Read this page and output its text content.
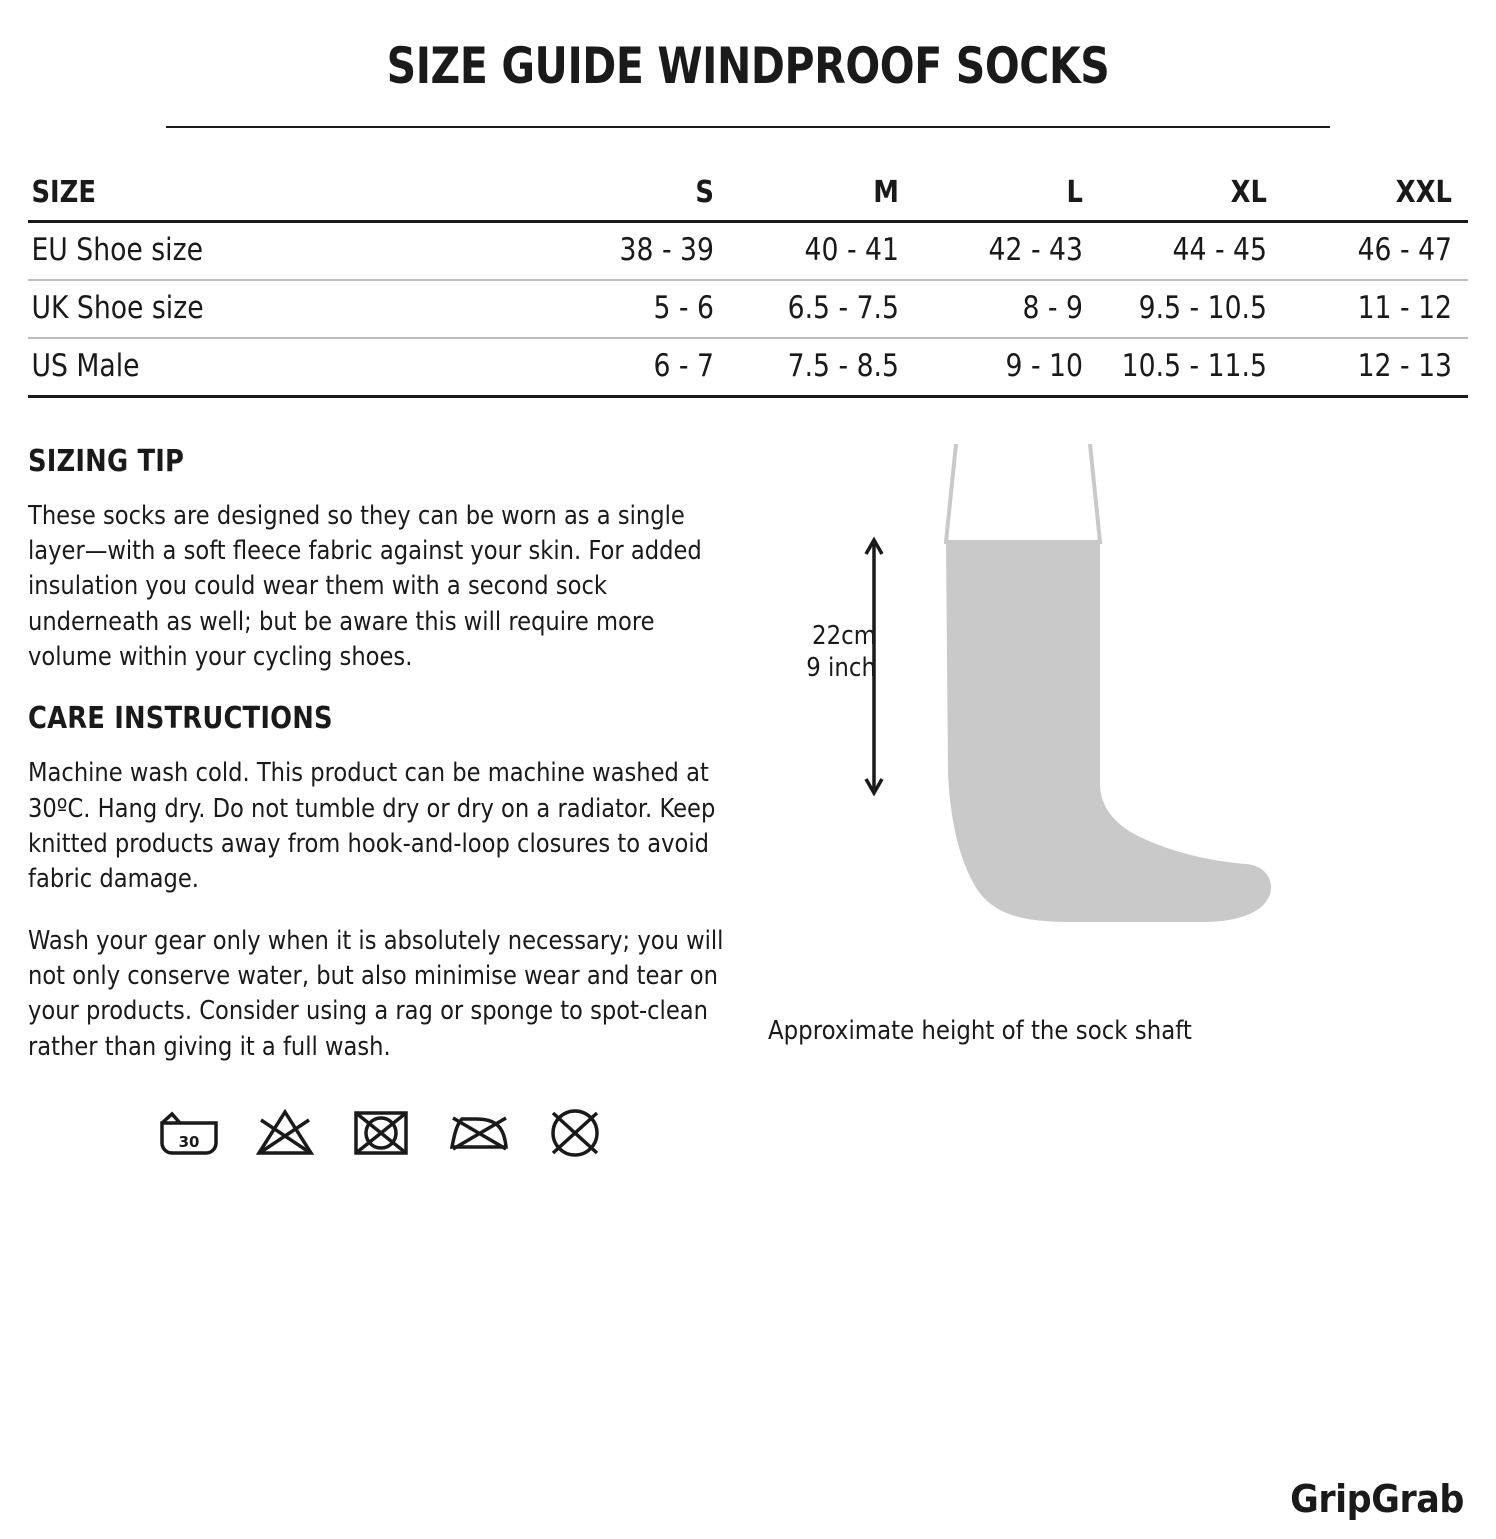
SIZE GUIDE WINDPROOF SOCKS
SIZE	S	M	L	XL	XXL
EU Shoe size	38 - 39	40 - 41	42 - 43	44 - 45	46 - 47
UK Shoe size	5 - 6	6.5 - 7.5	8 - 9	9.5 - 10.5	11 - 12
US Male	6 - 7	7.5 - 8.5	9 - 10	10.5 - 11.5	12 - 13
SIZING TIP

These socks are designed so they can be worn as a single layer—with a soft fleece fabric against your skin. For added insulation you could wear them with a second sock underneath as well; but be aware this will require more volume within your cycling shoes.

CARE INSTRUCTIONS

Machine wash cold. This product can be machine washed at 30ºC. Hang dry. Do not tumble dry or dry on a radiator. Keep knitted products away from hook-and-loop closures to avoid fabric damage.

Wash your gear only when it is absolutely necessary; you will not only conserve water, but also minimise wear and tear on your products. Consider using a rag or sponge to spot-clean rather than giving it a full wash.

30
22cm
9 inch
Approximate height of the sock shaft
GripGrab
